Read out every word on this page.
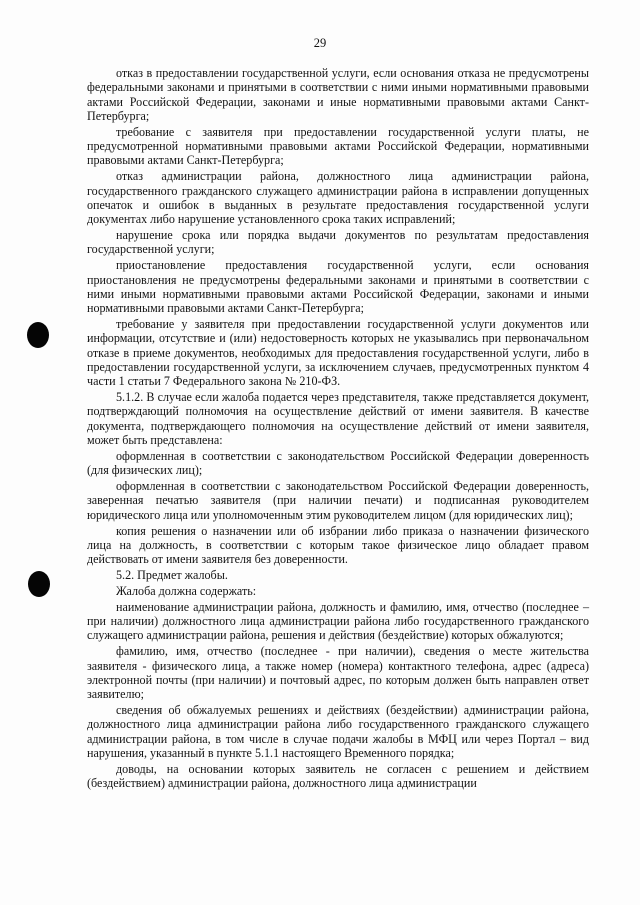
29

отказ в предоставлении государственной услуги, если основания отказа не предусмотрены федеральными законами и принятыми в соответствии с ними иными нормативными правовыми актами Российской Федерации, законами и иные нормативными правовыми актами Санкт-Петербурга;

требование с заявителя при предоставлении государственной услуги платы, не предусмотренной нормативными правовыми актами Российской Федерации, нормативными правовыми актами Санкт-Петербурга;

отказ администрации района, должностного лица администрации района, государственного гражданского служащего администрации района в исправлении допущенных опечаток и ошибок в выданных в результате предоставления государственной услуги документах либо нарушение установленного срока таких исправлений;

нарушение срока или порядка выдачи документов по результатам предоставления государственной услуги;

приостановление предоставления государственной услуги, если основания приостановления не предусмотрены федеральными законами и принятыми в соответствии с ними иными нормативными правовыми актами Российской Федерации, законами и иными нормативными правовыми актами Санкт-Петербурга;

требование у заявителя при предоставлении государственной услуги документов или информации, отсутствие и (или) недостоверность которых не указывались при первоначальном отказе в приеме документов, необходимых для предоставления государственной услуги, либо в предоставлении государственной услуги, за исключением случаев, предусмотренных пунктом 4 части 1 статьи 7 Федерального закона № 210-ФЗ.

5.1.2. В случае если жалоба подается через представителя, также представляется документ, подтверждающий полномочия на осуществление действий от имени заявителя. В качестве документа, подтверждающего полномочия на осуществление действий от имени заявителя, может быть представлена:

оформленная в соответствии с законодательством Российской Федерации доверенность (для физических лиц);

оформленная в соответствии с законодательством Российской Федерации доверенность, заверенная печатью заявителя (при наличии печати) и подписанная руководителем юридического лица или уполномоченным этим руководителем лицом (для юридических лиц);

копия решения о назначении или об избрании либо приказа о назначении физического лица на должность, в соответствии с которым такое физическое лицо обладает правом действовать от имени заявителя без доверенности.

5.2. Предмет жалобы.

Жалоба должна содержать:

наименование администрации района, должность и фамилию, имя, отчество (последнее – при наличии) должностного лица администрации района либо государственного гражданского служащего администрации района, решения и действия (бездействие) которых обжалуются;

фамилию, имя, отчество (последнее - при наличии), сведения о месте жительства заявителя - физического лица, а также номер (номера) контактного телефона, адрес (адреса) электронной почты (при наличии) и почтовый адрес, по которым должен быть направлен ответ заявителю;

сведения об обжалуемых решениях и действиях (бездействии) администрации района, должностного лица администрации района либо государственного гражданского служащего администрации района, в том числе в случае подачи жалобы в МФЦ или через Портал – вид нарушения, указанный в пункте 5.1.1 настоящего Временного порядка;

доводы, на основании которых заявитель не согласен с решением и действием (бездействием) администрации района, должностного лица администрации
